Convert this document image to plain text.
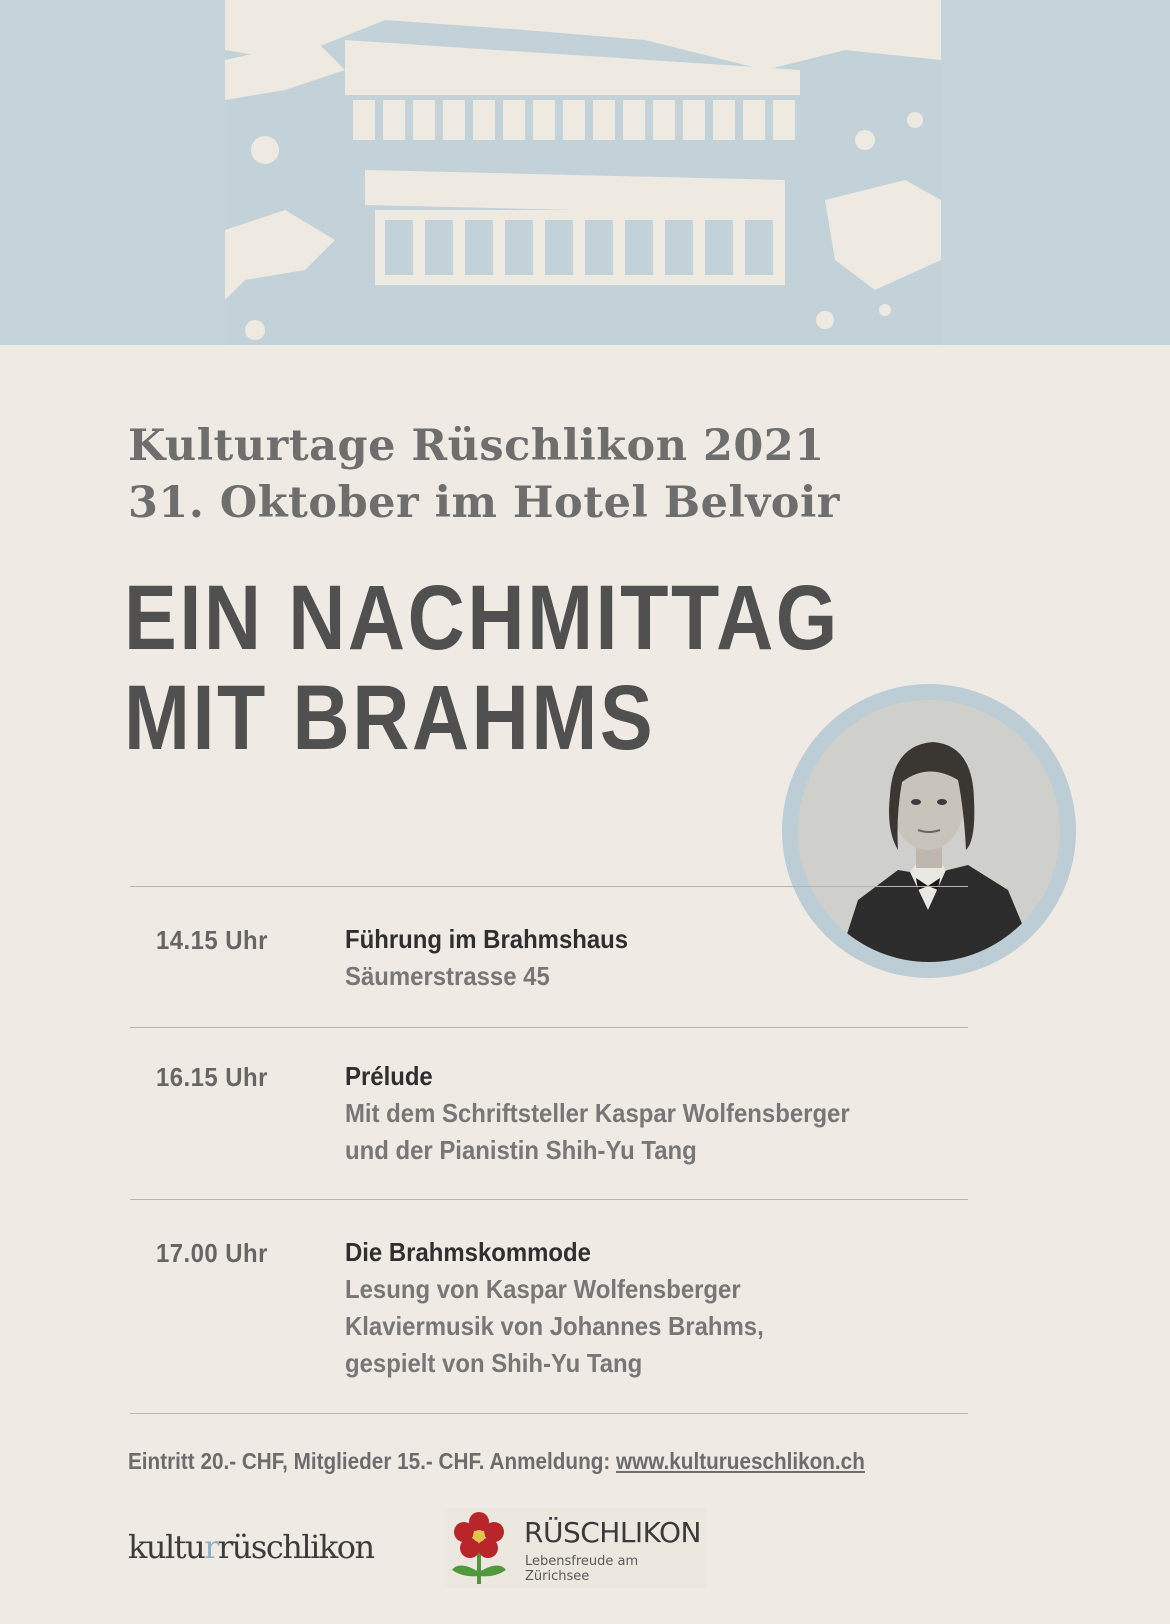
Kulturtage Rüschlikon 2021
31. Oktober im Hotel Belvoir
EIN NACHMITTAG
MIT BRAHMS
14.15 Uhr	Führung im Brahmshaus
Säumerstrasse 45
16.15 Uhr	Prélude
Mit dem Schriftsteller Kaspar Wolfensberger
und der Pianistin Shih-Yu Tang
17.00 Uhr	Die Brahmskommode
Lesung von Kaspar Wolfensberger
Klaviermusik von Johannes Brahms,
gespielt von Shih-Yu Tang
Eintritt 20.- CHF, Mitglieder 15.- CHF. Anmeldung: www.kulturueschlikon.ch
kulturrüschlikon	RÜSCHLIKON
Lebensfreude am Zürichsee
